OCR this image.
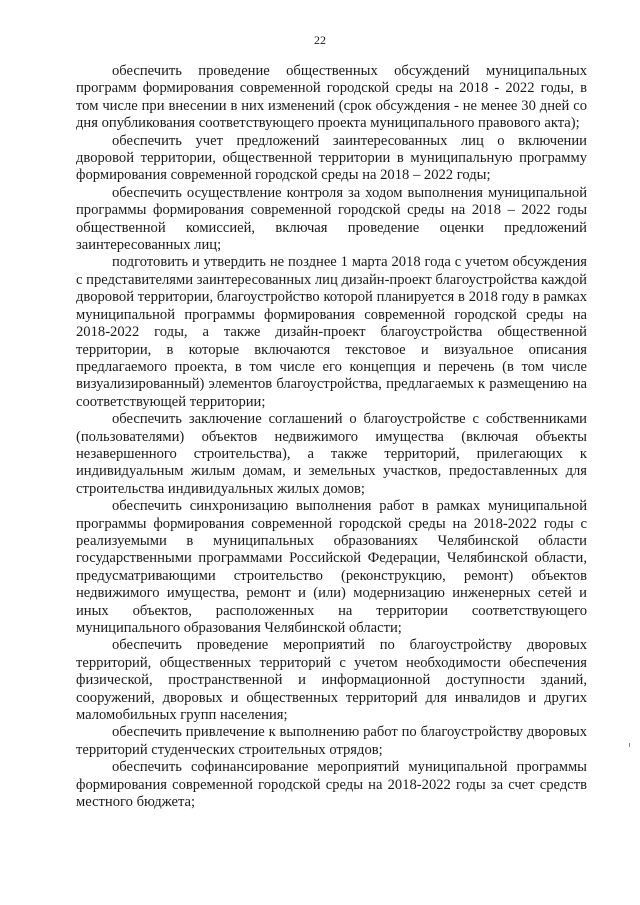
22

обеспечить проведение общественных обсуждений муниципальных программ формирования современной городской среды на 2018 - 2022 годы, в том числе при внесении в них изменений (срок обсуждения - не менее 30 дней со дня опубликования соответствующего проекта муниципального правового акта);

обеспечить учет предложений заинтересованных лиц о включении дворовой территории, общественной территории в муниципальную программу формирования современной городской среды на 2018 – 2022 годы;

обеспечить осуществление контроля за ходом выполнения муниципальной программы формирования современной городской среды на 2018 – 2022 годы общественной комиссией, включая проведение оценки предложений заинтересованных лиц;

подготовить и утвердить не позднее 1 марта 2018 года с учетом обсуждения с представителями заинтересованных лиц дизайн-проект благоустройства каждой дворовой территории, благоустройство которой планируется в 2018 году в рамках муниципальной программы формирования современной городской среды на 2018-2022 годы, а также дизайн-проект благоустройства общественной территории, в которые включаются текстовое и визуальное описания предлагаемого проекта, в том числе его концепция и перечень (в том числе визуализированный) элементов благоустройства, предлагаемых к размещению на соответствующей территории;

обеспечить заключение соглашений о благоустройстве с собственниками (пользователями) объектов недвижимого имущества (включая объекты незавершенного строительства), а также территорий, прилегающих к индивидуальным жилым домам, и земельных участков, предоставленных для строительства индивидуальных жилых домов;

обеспечить синхронизацию выполнения работ в рамках муниципальной программы формирования современной городской среды на 2018-2022 годы с реализуемыми в муниципальных образованиях Челябинской области государственными программами Российской Федерации, Челябинской области, предусматривающими строительство (реконструкцию, ремонт) объектов недвижимого имущества, ремонт и (или) модернизацию инженерных сетей и иных объектов, расположенных на территории соответствующего муниципального образования Челябинской области;

обеспечить проведение мероприятий по благоустройству дворовых территорий, общественных территорий с учетом необходимости обеспечения физической, пространственной и информационной доступности зданий, сооружений, дворовых и общественных территорий для инвалидов и других маломобильных групп населения;

обеспечить привлечение к выполнению работ по благоустройству дворовых территорий студенческих строительных отрядов;

обеспечить софинансирование мероприятий муниципальной программы формирования современной городской среды на 2018-2022 годы за счет средств местного бюджета;
